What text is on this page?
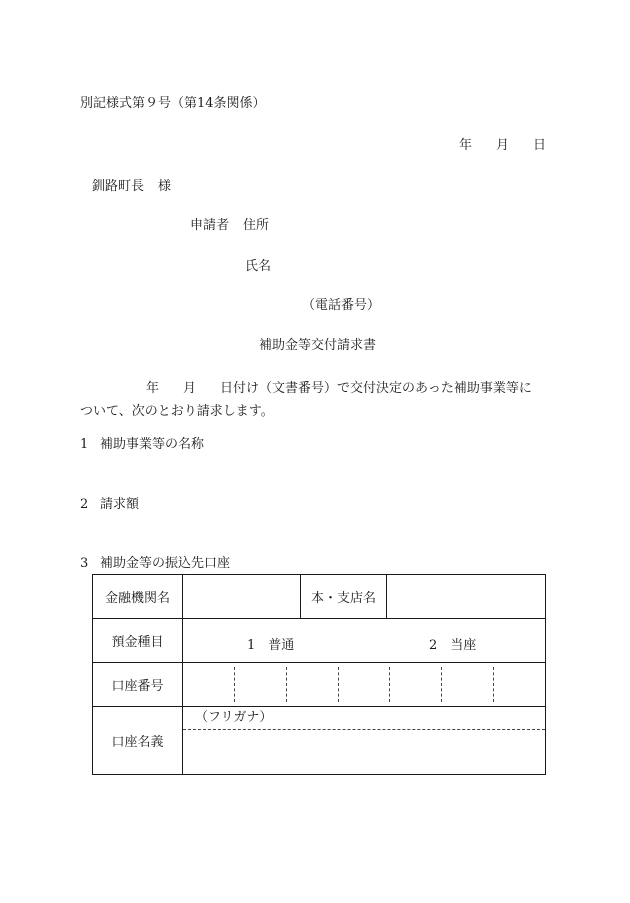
別記様式第９号（第14条関係）
年 月 日
釧路町長 様
申請者 住所
氏名
（電話番号）
補助金等交付請求書
年 月 日付け（文書番号）で交付決定のあった補助事業等に
ついて、次のとおり請求します。
1 補助事業等の名称
2 請求額
3 補助金等の振込先口座
金融機関名		本・支店名	
預金種目	1　普通 2　当座		

口座番号			

口座名義	（フリガナ）		
